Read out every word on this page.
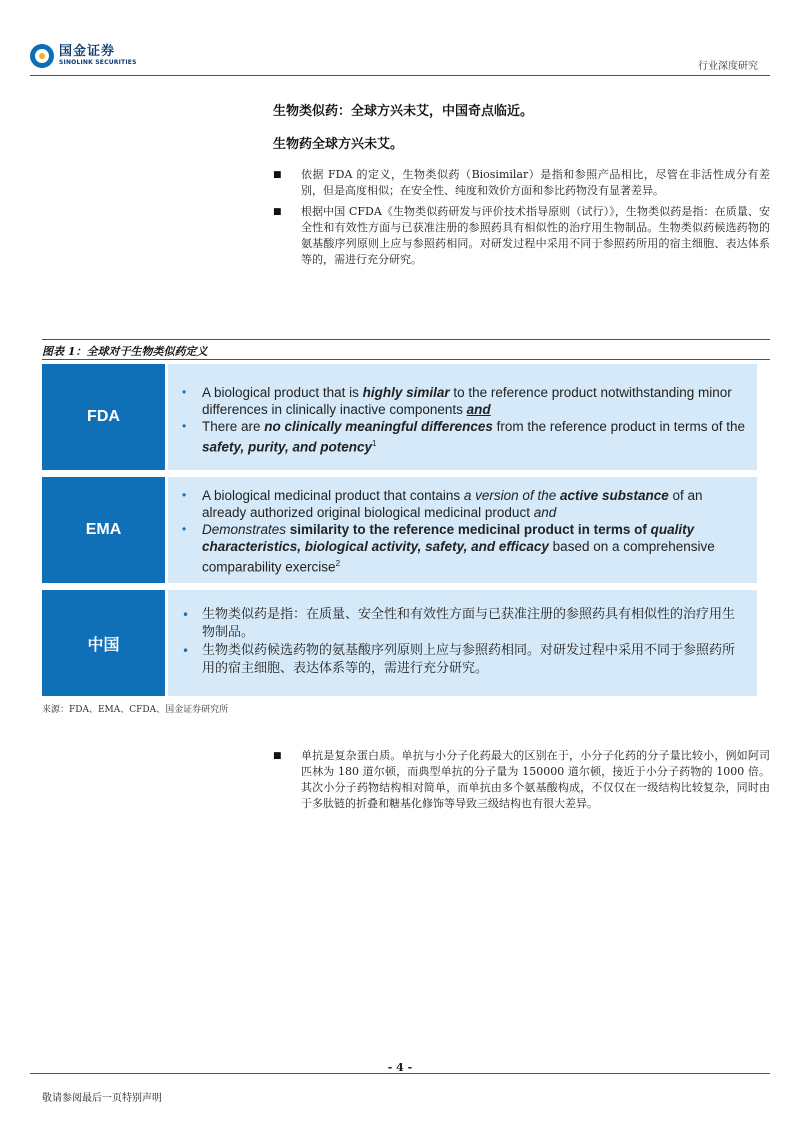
国金证券
SINOLINK SECURITIES	行业深度研究
生物类似药：全球方兴未艾，中国奇点临近。
生物药全球方兴未艾。
■ 依据 FDA 的定义，生物类似药（Biosimilar）是指和参照产品相比，尽管在非活性成分有差别，但是高度相似；在安全性、纯度和效价方面和参比药物没有显著差异。
■ 根据中国 CFDA《生物类似药研发与评价技术指导原则（试行）》，生物类似药是指：在质量、安全性和有效性方面与已获准注册的参照药具有相似性的治疗用生物制品。生物类似药候选药物的氨基酸序列原则上应与参照药相同。对研发过程中采用不同于参照药所用的宿主细胞、表达体系等的，需进行充分研究。
图表 1：全球对于生物类似药定义
FDA
• A biological product that is highly similar to the reference product notwithstanding minor differences in clinically inactive components and
• There are no clinically meaningful differences from the reference product in terms of the safety, purity, and potency$^1$
EMA
• A biological medicinal product that contains a version of the active substance of an already authorized original biological medicinal product and
• Demonstrates similarity to the reference medicinal product in terms of quality characteristics, biological activity, safety, and efficacy based on a comprehensive comparability exercise$^2$
中国
• 生物类似药是指：在质量、安全性和有效性方面与已获准注册的参照药具有相似性的治疗用生物制品。
• 生物类似药候选药物的氨基酸序列原则上应与参照药相同。对研发过程中采用不同于参照药所用的宿主细胞、表达体系等的，需进行充分研究。
来源：FDA、EMA、CFDA、国金证券研究所
■ 单抗是复杂蛋白质。单抗与小分子化药最大的区别在于，小分子化药的分子量比较小，例如阿司匹林为 180 道尔顿，而典型单抗的分子量为 150000 道尔顿，接近于小分子药物的 1000 倍。其次小分子药物结构相对简单，而单抗由多个氨基酸构成，不仅仅在一级结构比较复杂，同时由于多肽链的折叠和糖基化修饰等导致三级结构也有很大差异。
- 4 -
敬请参阅最后一页特别声明
